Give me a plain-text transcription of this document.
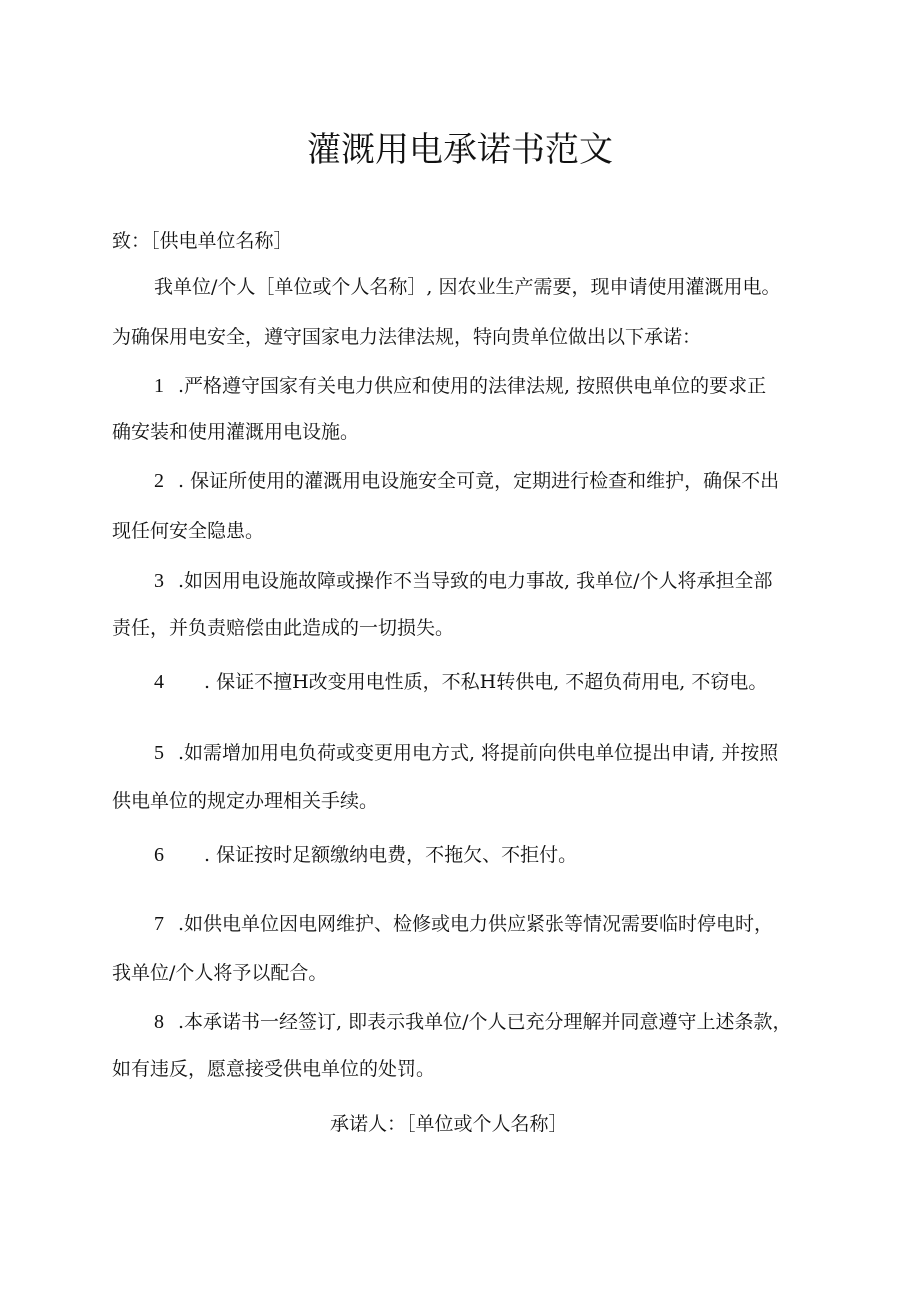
灌溉用电承诺书范文
致：［供电单位名称］
我单位/个人［单位或个人名称］, 因农业生产需要，现申请使用灌溉用电。
为确保用电安全，遵守国家电力法律法规，特向贵单位做出以下承诺：
1 .严格遵守国家有关电力供应和使用的法律法规, 按照供电单位的要求正
确安装和使用灌溉用电设施。
2 . 保证所使用的灌溉用电设施安全可竟，定期进行检查和维护，确保不出
现任何安全隐患。
3 .如因用电设施故障或操作不当导致的电力事故, 我单位/个人将承担全部
责任，并负责赔偿由此造成的一切损失。
4 . 保证不擅H改变用电性质，不私H转供电, 不超负荷用电, 不窃电。
5 .如需增加用电负荷或变更用电方式, 将提前向供电单位提出申请, 并按照
供电单位的规定办理相关手续。
6 . 保证按时足额缴纳电费，不拖欠、不拒付。
7 .如供电单位因电网维护、检修或电力供应紧张等情况需要临时停电时，
我单位/个人将予以配合。
8 .本承诺书一经签订, 即表示我单位/个人已充分理解并同意遵守上述条款，
如有违反，愿意接受供电单位的处罚。
承诺人：［单位或个人名称］
